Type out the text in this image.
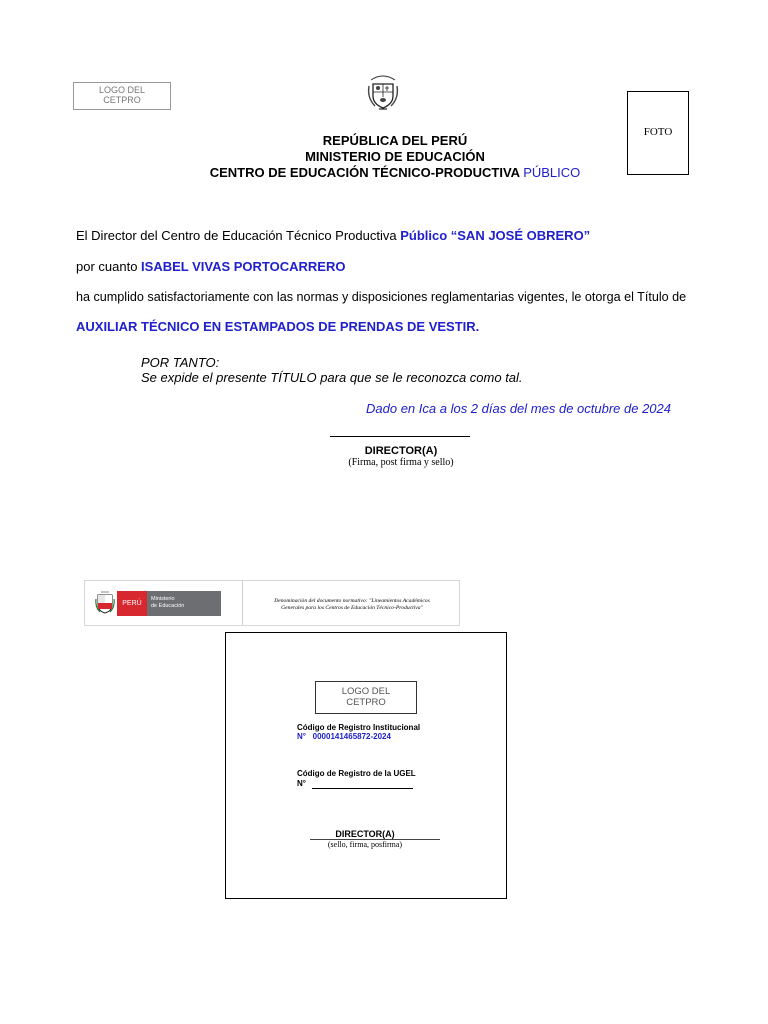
LOGO DEL
CETPRO
FOTO
REPÚBLICA DEL PERÚ
MINISTERIO DE EDUCACIÓN
CENTRO DE EDUCACIÓN TÉCNICO-PRODUCTIVA PÚBLICO
El Director del Centro de Educación Técnico Productiva Público “SAN JOSÉ OBRERO”
por cuanto ISABEL VIVAS PORTOCARRERO
ha cumplido satisfactoriamente con las normas y disposiciones reglamentarias vigentes, le otorga el Título de
AUXILIAR TÉCNICO EN ESTAMPADOS DE PRENDAS DE VESTIR.
POR TANTO:
Se expide el presente TÍTULO para que se le reconozca como tal.
Dado en Ica a los 2 días del mes de octubre de 2024
DIRECTOR(A)
(Firma, post firma y sello)
PERÚ
Ministerio
de Educación
Denominación del documento normativo: "Lineamientos Académicos
Generales para los Centros de Educación Técnico-Productiva"
LOGO DEL
CETPRO
Código de Registro Institucional
N°   0000141465872-2024
Código de Registro de la UGEL
N°
DIRECTOR(A)
(sello, firma, posfirma)
